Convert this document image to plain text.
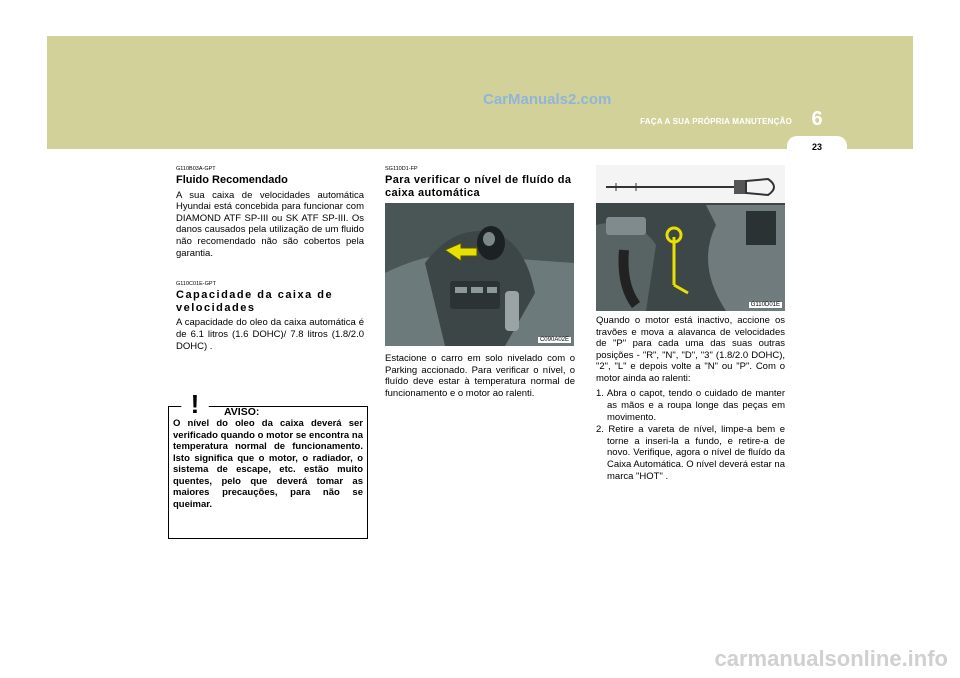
CarManuals2.com
FAÇA A SUA PRÓPRIA MANUTENÇÃO 6
23

G110B03A-GPT

Fluido Recomendado

A sua caixa de velocidades automática Hyundai está concebida para funcionar com DIAMOND ATF SP-III ou SK ATF SP-III. Os danos causados pela utilização de um fluido não recomendado não são cobertos pela garantia.

G110C01E-GPT

Capacidade da caixa de velocidades

A capacidade do oleo da caixa automática é de 6.1 litros (1.6 DOHC)/ 7.8 litros (1.8/2.0 DOHC) .

O nível do oleo da caixa deverá ser verificado quando o motor se encontra na temperatura normal de funcionamento. Isto significa que o motor, o radiador, o sistema de escape, etc. estão muito quentes, pelo que deverá tomar as maiores precauções, para não se queimar.

! AVISO:

SG110D1-FP

Para verificar o nível de fluído da caixa automática

C090A02E

Estacione o carro em solo nivelado com o Parking accionado. Para verificar o nível, o fluído deve estar à temperatura normal de funcionamento e o motor ao ralenti.

G110D01E

Quando o motor está inactivo, accione os travões e mova a alavanca de velocidades de "P" para cada uma das suas outras posições - "R", "N", "D", "3" (1.8/2.0 DOHC), "2", "L" e depois volte a "N" ou "P". Com o motor ainda ao ralenti:

1. Abra o capot, tendo o cuidado de manter as mãos e a roupa longe das peças em movimento.
2. Retire a vareta de nível, limpe-a bem e torne a inseri-la a fundo, e retire-a de novo. Verifique, agora o nível de fluído da Caixa Automática. O nível deverá estar na marca "HOT" .
carmanualsonline.info
